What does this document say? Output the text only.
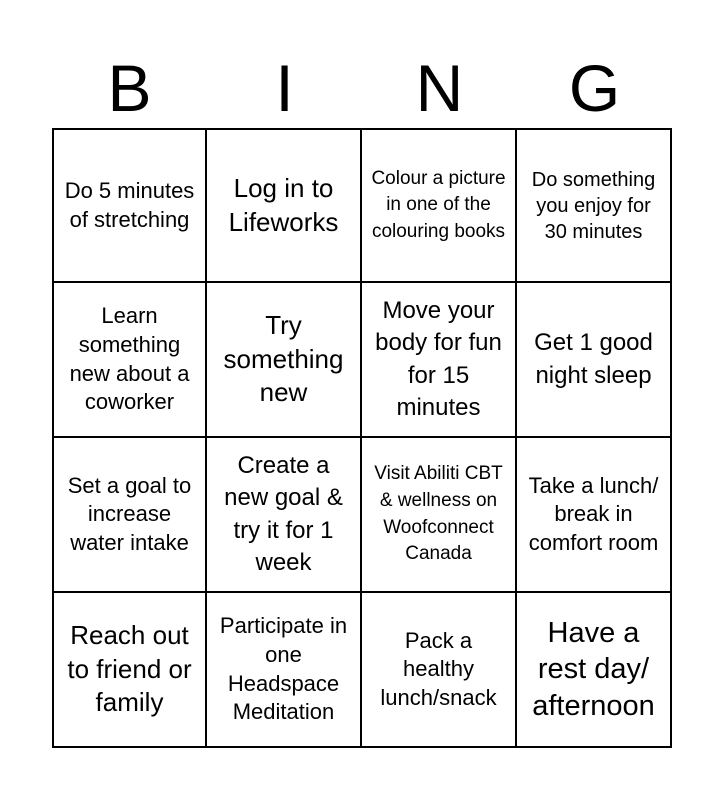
B	I	N	G
Do 5 minutes of stretching
Log in to Lifeworks
Colour a picture in one of the colouring books
Do something you enjoy for 30 minutes
Learn something new about a coworker
Try something new
Move your body for fun for 15 minutes
Get 1 good night sleep
Set a goal to increase water intake
Create a new goal & try it for 1 week
Visit Abiliti CBT & wellness on Woofconnect Canada
Take a lunch/ break in comfort room
Reach out to friend or family
Participate in one Headspace Meditation
Pack a healthy lunch/snack
Have a rest day/ afternoon
